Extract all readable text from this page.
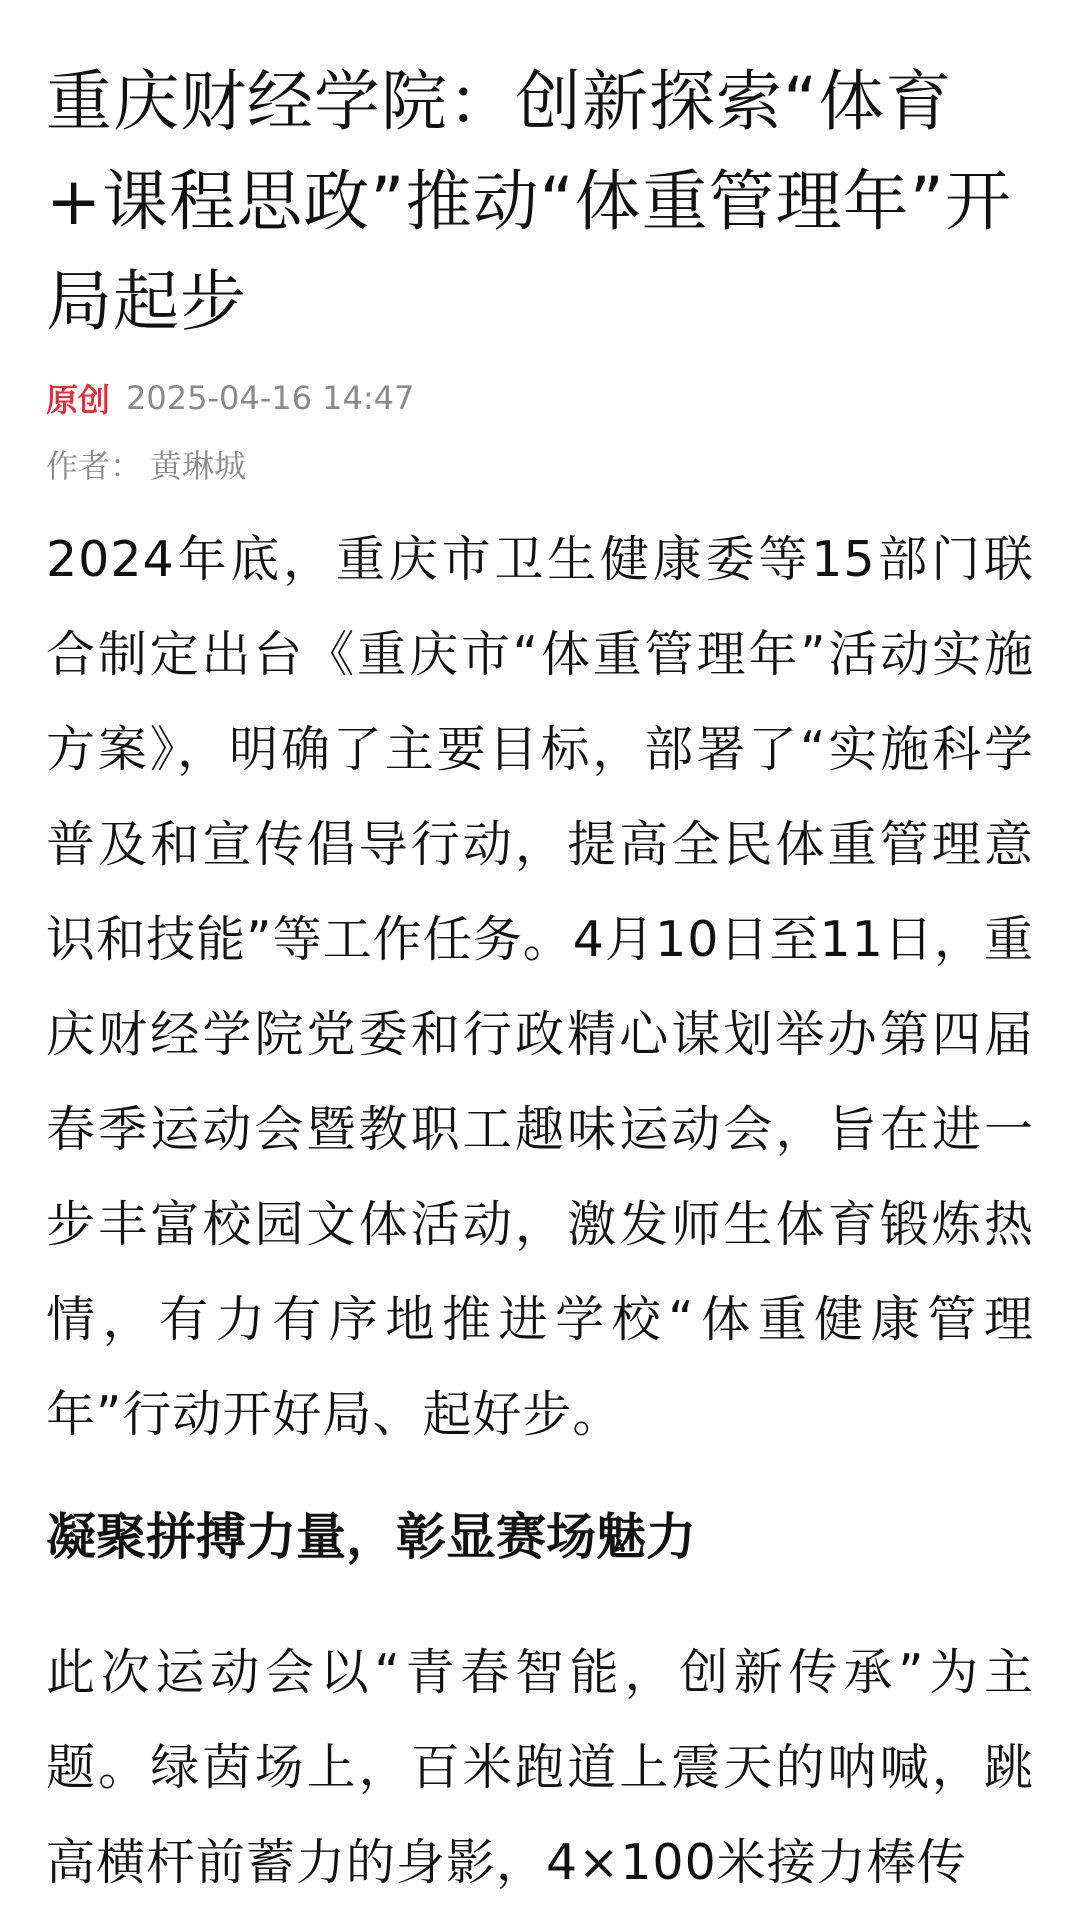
重庆财经学院：创新探索“体育+课程思政”推动“体重管理年”开局起步
原创 2025-04-16 14:47
作者： 黄琳城

2024年底，重庆市卫生健康委等15部门联合制定出台《重庆市“体重管理年”活动实施方案》，明确了主要目标，部署了“实施科学普及和宣传倡导行动，提高全民体重管理意识和技能”等工作任务。4月10日至11日，重庆财经学院党委和行政精心谋划举办第四届春季运动会暨教职工趣味运动会，旨在进一步丰富校园文体活动，激发师生体育锻炼热情，有力有序地推进学校“体重健康管理年”行动开好局、起好步。

凝聚拼搏力量，彰显赛场魅力

此次运动会以“青春智能，创新传承”为主题。绿茵场上，百米跑道上震天的呐喊，跳高横杆前蓄力的身影，4×100米接力棒传
